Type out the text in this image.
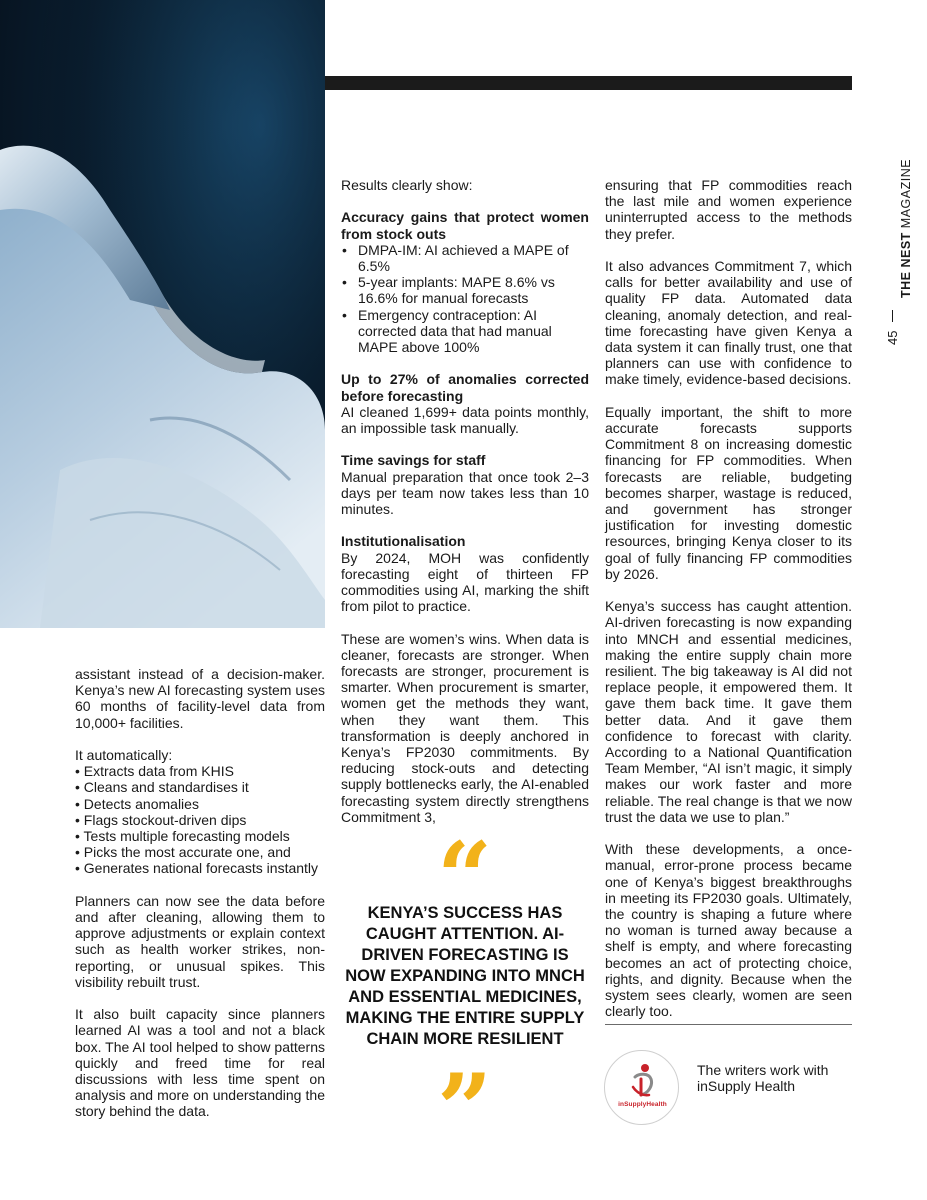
THE NEST MAGAZINE
45

assistant instead of a decision-maker. Kenya’s new AI forecasting system uses 60 months of facility-level data from 10,000+ facilities.

It automatically:
• Extracts data from KHIS
• Cleans and standardises it
• Detects anomalies
• Flags stockout-driven dips
• Tests multiple forecasting models
• Picks the most accurate one, and
• Generates national forecasts instantly

Planners can now see the data before and after cleaning, allowing them to approve adjustments or explain context such as health worker strikes, non-reporting, or unusual spikes. This visibility rebuilt trust.

It also built capacity since planners learned AI was a tool and not a black box. The AI tool helped to show patterns quickly and freed time for real discussions with less time spent on analysis and more on understanding the story behind the data.

Results clearly show:

Accuracy gains that protect women from stock outs
• DMPA-IM: AI achieved a MAPE of 6.5%
• 5-year implants: MAPE 8.6% vs 16.6% for manual forecasts
• Emergency contraception: AI corrected data that had manual MAPE above 100%
Up to 27% of anomalies corrected before forecasting

AI cleaned 1,699+ data points monthly, an impossible task manually.

Time savings for staff

Manual preparation that once took 2–3 days per team now takes less than 10 minutes.

Institutionalisation

By 2024, MOH was confidently forecasting eight of thirteen FP commodities using AI, marking the shift from pilot to practice.

These are women’s wins. When data is cleaner, forecasts are stronger. When forecasts are stronger, procurement is smarter. When procurement is smarter, women get the methods they want, when they want them. This transformation is deeply anchored in Kenya’s FP2030 commitments. By reducing stock-outs and detecting supply bottlenecks early, the AI-enabled forecasting system directly strengthens Commitment 3,

“
KENYA’S SUCCESS HAS CAUGHT ATTENTION. AI-DRIVEN FORECASTING IS NOW EXPANDING INTO MNCH AND ESSENTIAL MEDICINES, MAKING THE ENTIRE SUPPLY CHAIN MORE RESILIENT
”

ensuring that FP commodities reach the last mile and women experience uninterrupted access to the methods they prefer.

It also advances Commitment 7, which calls for better availability and use of quality FP data. Automated data cleaning, anomaly detection, and real-time forecasting have given Kenya a data system it can finally trust, one that planners can use with confidence to make timely, evidence-based decisions.

Equally important, the shift to more accurate forecasts supports Commitment 8 on increasing domestic financing for FP commodities. When forecasts are reliable, budgeting becomes sharper, wastage is reduced, and government has stronger justification for investing domestic resources, bringing Kenya closer to its goal of fully financing FP commodities by 2026.

Kenya’s success has caught attention. AI-driven forecasting is now expanding into MNCH and essential medicines, making the entire supply chain more resilient. The big takeaway is AI did not replace people, it empowered them. It gave them back time. It gave them better data. And it gave them confidence to forecast with clarity. According to a National Quantification Team Member, “AI isn’t magic, it simply makes our work faster and more reliable. The real change is that we now trust the data we use to plan.”

With these developments, a once-manual, error-prone process became one of Kenya’s biggest breakthroughs in meeting its FP2030 goals. Ultimately, the country is shaping a future where no woman is turned away because a shelf is empty, and where forecasting becomes an act of protecting choice, rights, and dignity. Because when the system sees clearly, women are seen clearly too.

inSupplyHealth
The writers work with inSupply Health
